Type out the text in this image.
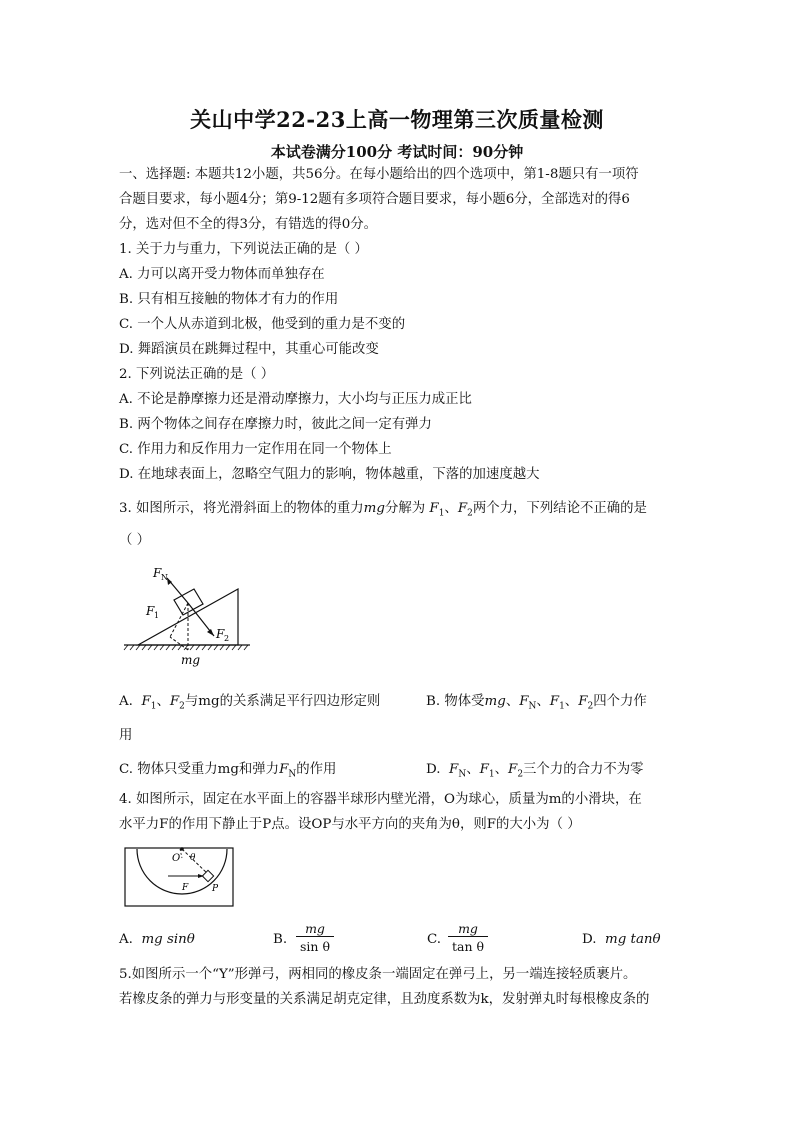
关山中学22-23上高一物理第三次质量检测
本试卷满分100分 考试时间：90分钟
一、选择题: 本题共12小题，共56分。在每小题给出的四个选项中，第1-8题只有一项符
合题目要求，每小题4分；第9-12题有多项符合题目要求，每小题6分，全部选对的得6
分，选对但不全的得3分，有错选的得0分。
1. 关于力与重力，下列说法正确的是（ ）
A. 力可以离开受力物体而单独存在
B. 只有相互接触的物体才有力的作用
C. 一个人从赤道到北极，他受到的重力是不变的
D. 舞蹈演员在跳舞过程中，其重心可能改变
2. 下列说法正确的是（ ）
A. 不论是静摩擦力还是滑动摩擦力，大小均与正压力成正比
B. 两个物体之间存在摩擦力时，彼此之间一定有弹力
C. 作用力和反作用力一定作用在同一个物体上
D. 在地球表面上，忽略空气阻力的影响，物体越重，下落的加速度越大
3. 如图所示，将光滑斜面上的物体的重力mg分解为 $F_1$、$F_2$两个力，下列结论不正确的是
（ ）
F N
F 1
F 2
mg
A. $F_1$、$F_2$与mg的关系满足平行四边形定则	B. 物体受mg、$F_N$、$F_1$、$F_2$四个力作
用
C. 物体只受重力mg和弹力$F_N$的作用	D. $F_N$、$F_1$、$F_2$三个力的合力不为零
4. 如图所示，固定在水平面上的容器半球形内壁光滑，O为球心，质量为m的小滑块，在
水平力F的作用下静止于P点。设OP与水平方向的夹角为θ，则F的大小为（ ）
O θ
F	P
A. mg sinθ	B. $\frac{mg}{\text{sin θ}}$	C. $\frac{mg}{\text{tan θ}}$	D. mg tanθ
5.如图所示一个“Y”形弹弓，两相同的橡皮条一端固定在弹弓上，另一端连接轻质裹片。
若橡皮条的弹力与形变量的关系满足胡克定律，且劲度系数为k，发射弹丸时每根橡皮条的
